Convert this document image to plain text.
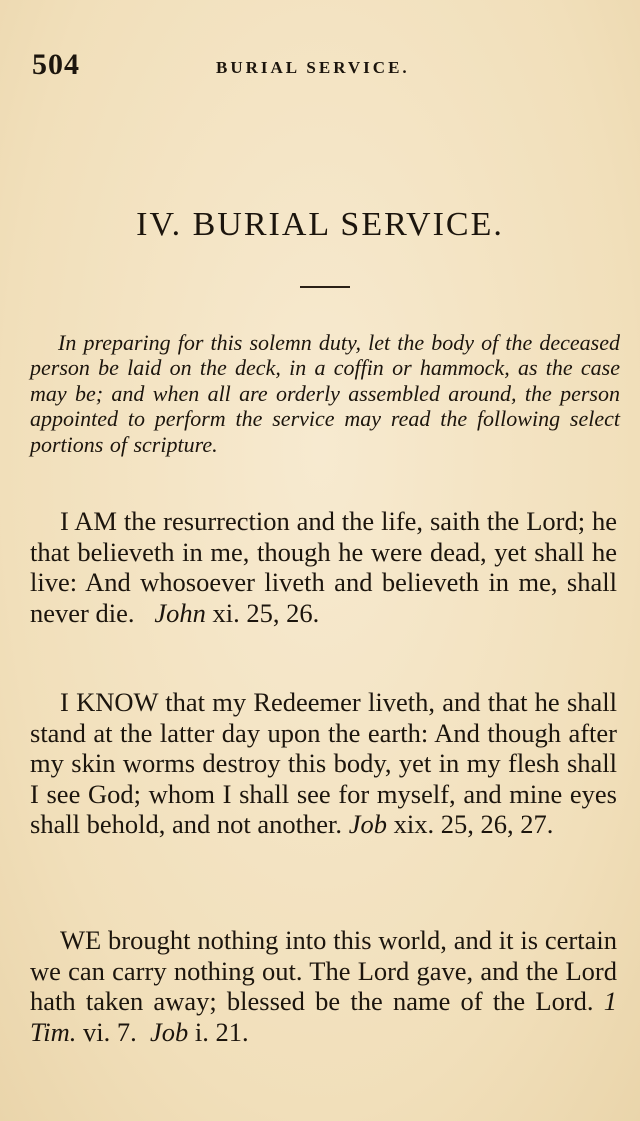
504	BURIAL SERVICE.
IV. BURIAL SERVICE.

In preparing for this solemn duty, let the body of the deceased person be laid on the deck, in a coffin or hammock, as the case may be; and when all are orderly assembled around, the person appointed to perform the service may read the following select portions of scripture.

I AM the resurrection and the life, saith the Lord; he that believeth in me, though he were dead, yet shall he live: And whosoever liveth and believeth in me, shall never die. John xi. 25, 26.

I KNOW that my Redeemer liveth, and that he shall stand at the latter day upon the earth: And though after my skin worms destroy this body, yet in my flesh shall I see God; whom I shall see for myself, and mine eyes shall behold, and not another. Job xix. 25, 26, 27.

WE brought nothing into this world, and it is certain we can carry nothing out. The Lord gave, and the Lord hath taken away; blessed be the name of the Lord. 1 Tim. vi. 7. Job i. 21.
